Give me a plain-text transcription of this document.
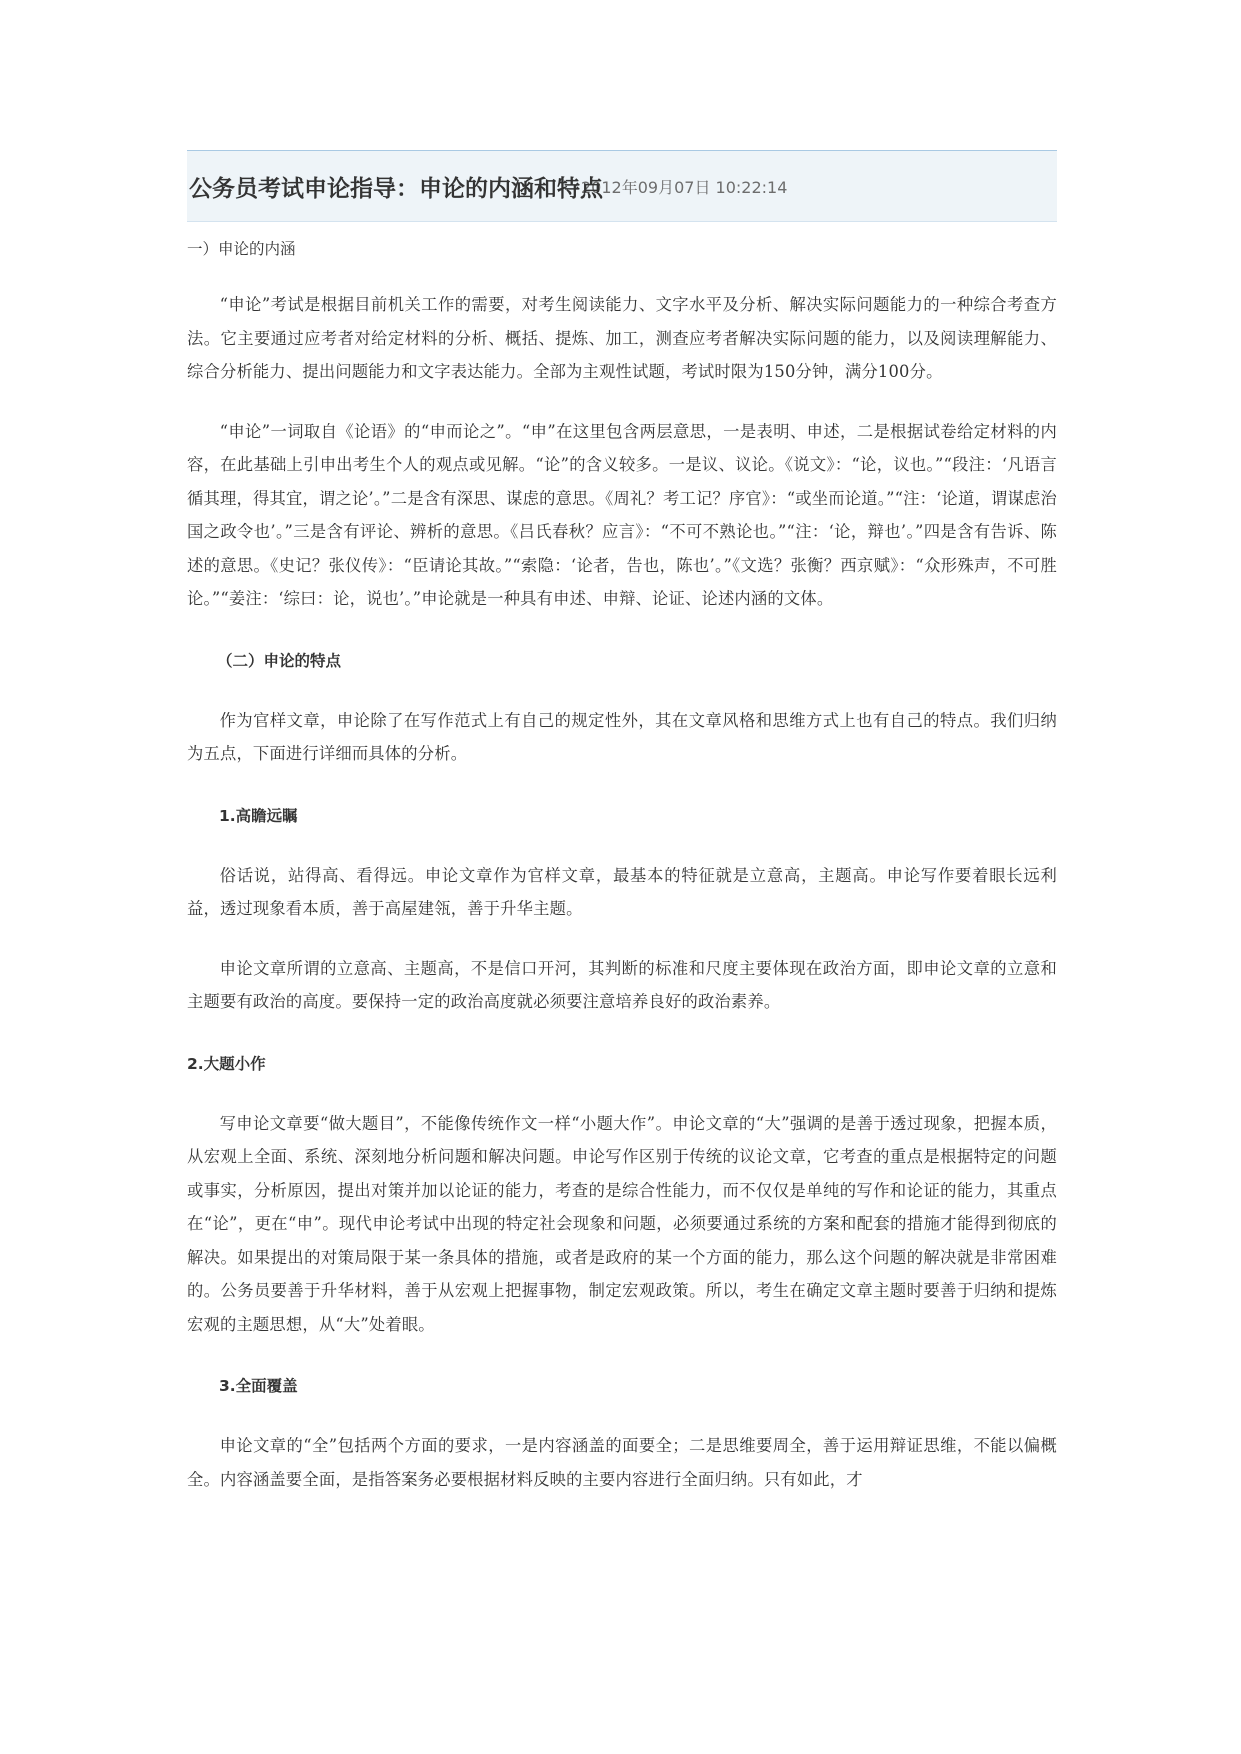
公务员考试申论指导：申论的内涵和特点
2012年09月07日 10:22:14
一）申论的内涵

“申论”考试是根据目前机关工作的需要，对考生阅读能力、文字水平及分析、解决实际问题能力的一种综合考查方法。它主要通过应考者对给定材料的分析、概括、提炼、加工，测查应考者解决实际问题的能力，以及阅读理解能力、综合分析能力、提出问题能力和文字表达能力。全部为主观性试题，考试时限为150分钟，满分100分。

“申论”一词取自《论语》的“申而论之”。“申”在这里包含两层意思，一是表明、申述，二是根据试卷给定材料的内容，在此基础上引申出考生个人的观点或见解。“论”的含义较多。一是议、议论。《说文》：“论，议也。”“段注：‘凡语言循其理，得其宜，谓之论’。”二是含有深思、谋虑的意思。《周礼？考工记？序官》：“或坐而论道。”“注：‘论道，谓谋虑治国之政令也’。”三是含有评论、辨析的意思。《吕氏春秋？应言》：“不可不熟论也。”“注：‘论，辩也’。”四是含有告诉、陈述的意思。《史记？张仪传》：“臣请论其故。”“索隐：‘论者，告也，陈也’。”《文选？张衡？西京赋》：“众形殊声，不可胜论。”“姜注：‘综曰：论，说也’。”申论就是一种具有申述、申辩、论证、论述内涵的文体。

（二）申论的特点

作为官样文章，申论除了在写作范式上有自己的规定性外，其在文章风格和思维方式上也有自己的特点。我们归纳为五点，下面进行详细而具体的分析。

1.高瞻远瞩

俗话说，站得高、看得远。申论文章作为官样文章，最基本的特征就是立意高，主题高。申论写作要着眼长远利益，透过现象看本质，善于高屋建瓴，善于升华主题。

申论文章所谓的立意高、主题高，不是信口开河，其判断的标准和尺度主要体现在政治方面，即申论文章的立意和主题要有政治的高度。要保持一定的政治高度就必须要注意培养良好的政治素养。

2.大题小作

写申论文章要“做大题目”，不能像传统作文一样“小题大作”。申论文章的“大”强调的是善于透过现象，把握本质，从宏观上全面、系统、深刻地分析问题和解决问题。申论写作区别于传统的议论文章，它考查的重点是根据特定的问题或事实，分析原因，提出对策并加以论证的能力，考查的是综合性能力，而不仅仅是单纯的写作和论证的能力，其重点在“论”，更在“申”。现代申论考试中出现的特定社会现象和问题，必须要通过系统的方案和配套的措施才能得到彻底的解决。如果提出的对策局限于某一条具体的措施，或者是政府的某一个方面的能力，那么这个问题的解决就是非常困难的。公务员要善于升华材料，善于从宏观上把握事物，制定宏观政策。所以，考生在确定文章主题时要善于归纳和提炼宏观的主题思想，从“大”处着眼。

3.全面覆盖

申论文章的“全”包括两个方面的要求，一是内容涵盖的面要全；二是思维要周全，善于运用辩证思维，不能以偏概全。内容涵盖要全面，是指答案务必要根据材料反映的主要内容进行全面归纳。只有如此，才
